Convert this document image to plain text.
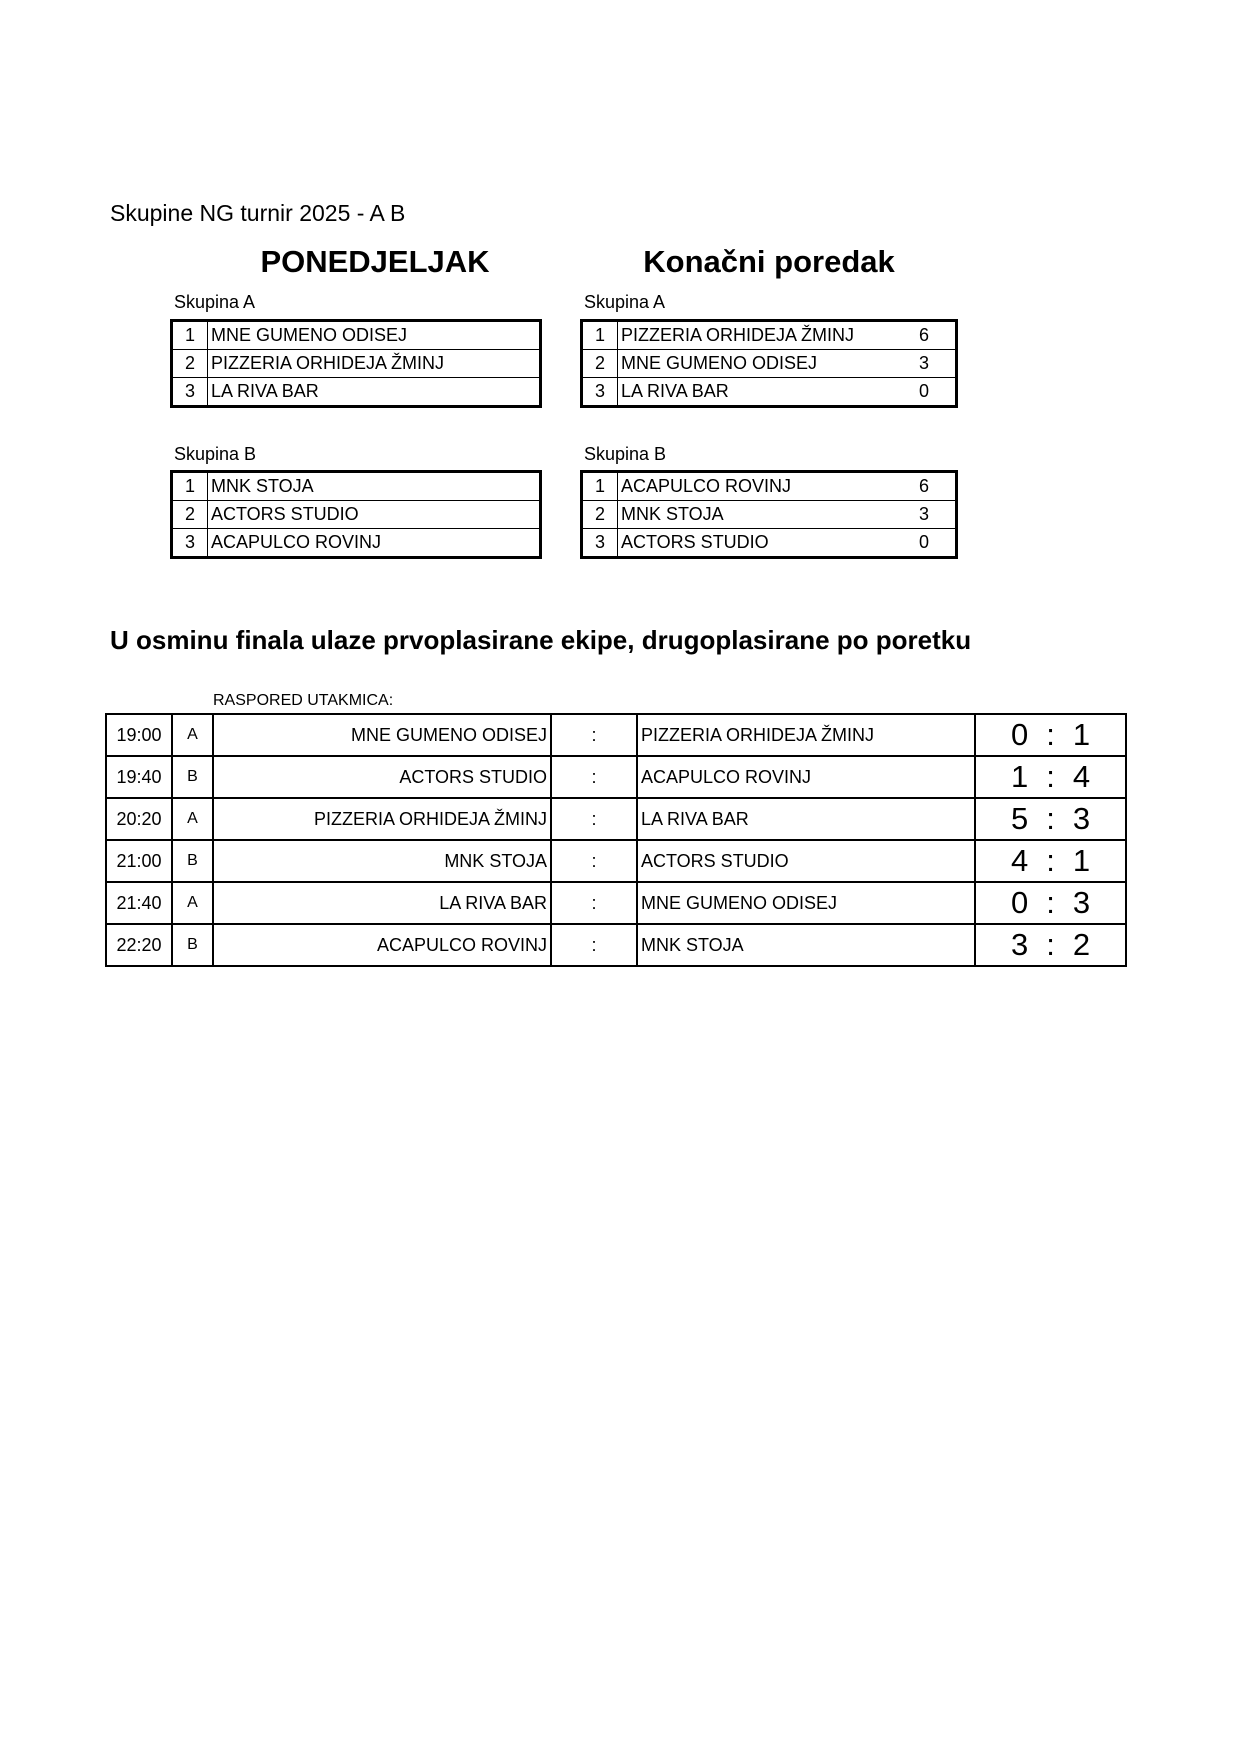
Skupine NG turnir 2025 - A B
PONEDJELJAK	Konačni poredak
Skupina A
1	MNE GUMENO ODISEJ
2	PIZZERIA ORHIDEJA ŽMINJ
3	LA RIVA BAR
Skupina B
1	MNK STOJA
2	ACTORS STUDIO
3	ACAPULCO ROVINJ
Skupina A
1	PIZZERIA ORHIDEJA ŽMINJ	6
2	MNE GUMENO ODISEJ	3
3	LA RIVA BAR	0
Skupina B
1	ACAPULCO ROVINJ	6
2	MNK STOJA	3
3	ACTORS STUDIO	0
U osminu finala ulaze prvoplasirane ekipe, drugoplasirane po poretku
RASPORED UTAKMICA:
19:00	A	MNE GUMENO ODISEJ	:	PIZZERIA ORHIDEJA ŽMINJ	0 : 1
19:40	B	ACTORS STUDIO	:	ACAPULCO ROVINJ	1 : 4
20:20	A	PIZZERIA ORHIDEJA ŽMINJ	:	LA RIVA BAR	5 : 3
21:00	B	MNK STOJA	:	ACTORS STUDIO	4 : 1
21:40	A	LA RIVA BAR	:	MNE GUMENO ODISEJ	0 : 3
22:20	B	ACAPULCO ROVINJ	:	MNK STOJA	3 : 2
